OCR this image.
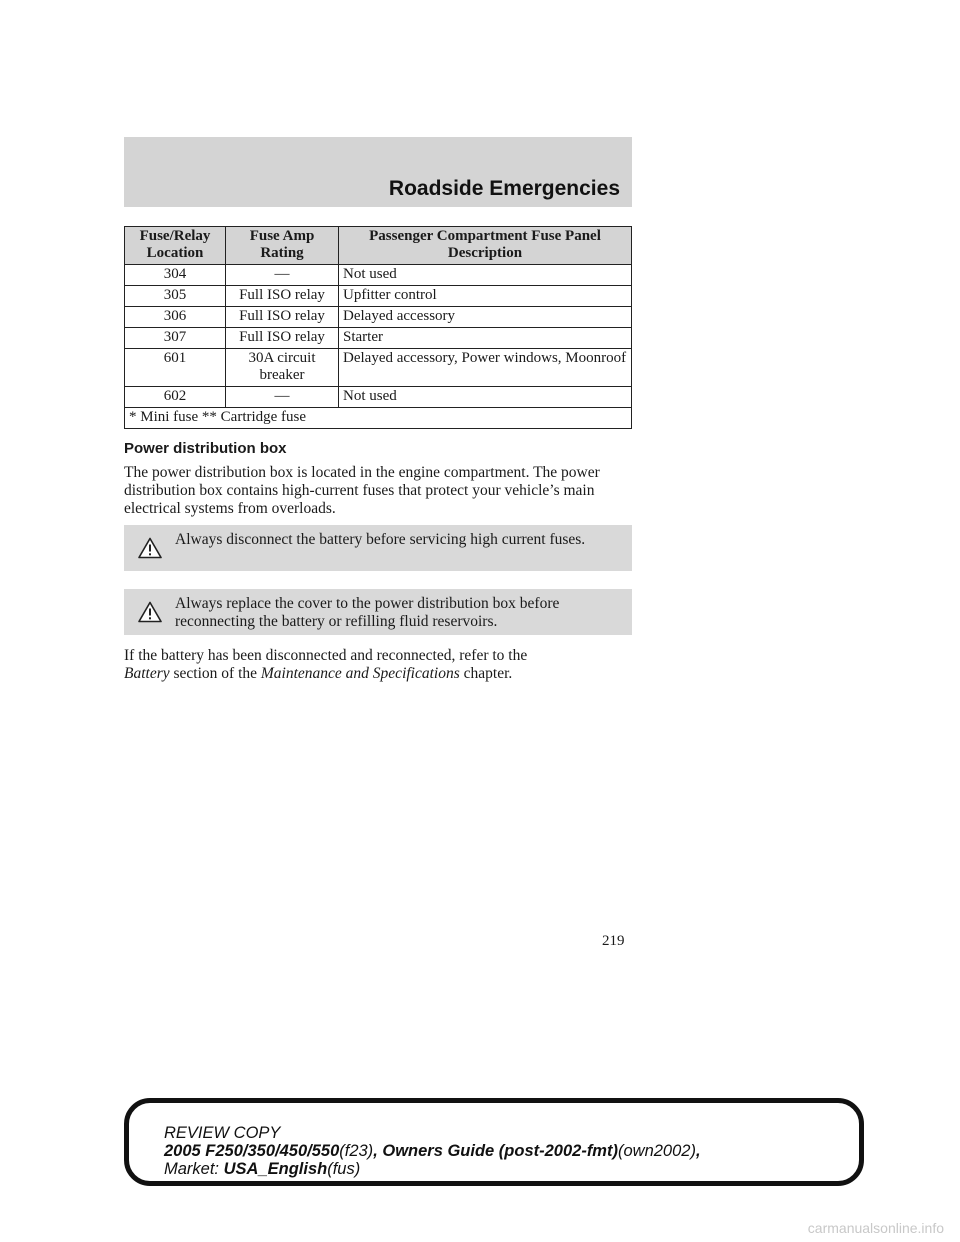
Roadside Emergencies
Fuse/Relay Location	Fuse Amp Rating	Passenger Compartment Fuse Panel Description
304	—	Not used
305	Full ISO relay	Upfitter control
306	Full ISO relay	Delayed accessory
307	Full ISO relay	Starter
601	30A circuit breaker	Delayed accessory, Power windows, Moonroof
602	—	Not used
* Mini fuse ** Cartridge fuse		
Power distribution box

The power distribution box is located in the engine compartment. The power distribution box contains high-current fuses that protect your vehicle’s main electrical systems from overloads.

Always disconnect the battery before servicing high current fuses.
Always replace the cover to the power distribution box before reconnecting the battery or refilling fluid reservoirs.

If the battery has been disconnected and reconnected, refer to the
Battery section of the Maintenance and Specifications chapter.

219
REVIEW COPY
2005 F250/350/450/550(f23), Owners Guide (post-2002-fmt)(own2002),
Market: USA_English(fus)
carmanualsonline.info
